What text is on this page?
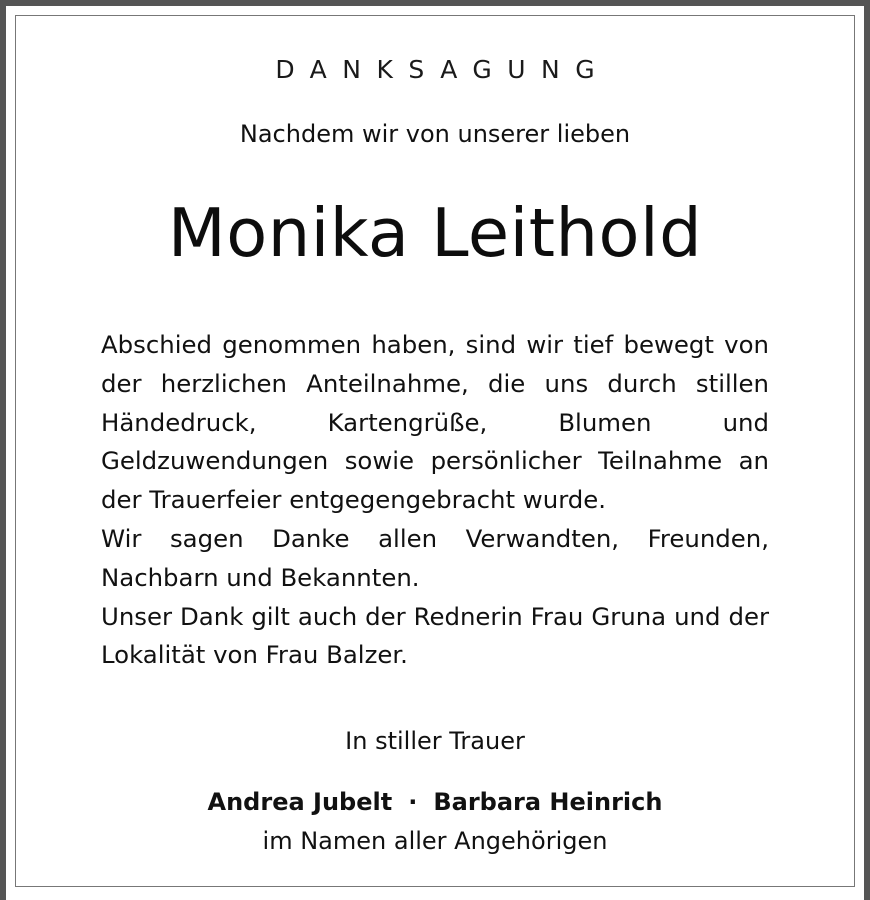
DANKSAGUNG
Nachdem wir von unserer lieben
Monika Leithold

Abschied genommen haben, sind wir tief bewegt von der herzlichen Anteilnahme, die uns durch stillen Händedruck, Kartengrüße, Blumen und Geldzuwendungen sowie persönlicher Teilnahme an der Trauerfeier entgegengebracht wurde.

Wir sagen Danke allen Verwandten, Freunden, Nachbarn und Bekannten.

Unser Dank gilt auch der Rednerin Frau Gruna und der Lokalität von Frau Balzer.

In stiller Trauer
Andrea Jubelt · Barbara Heinrich
im Namen aller Angehörigen
